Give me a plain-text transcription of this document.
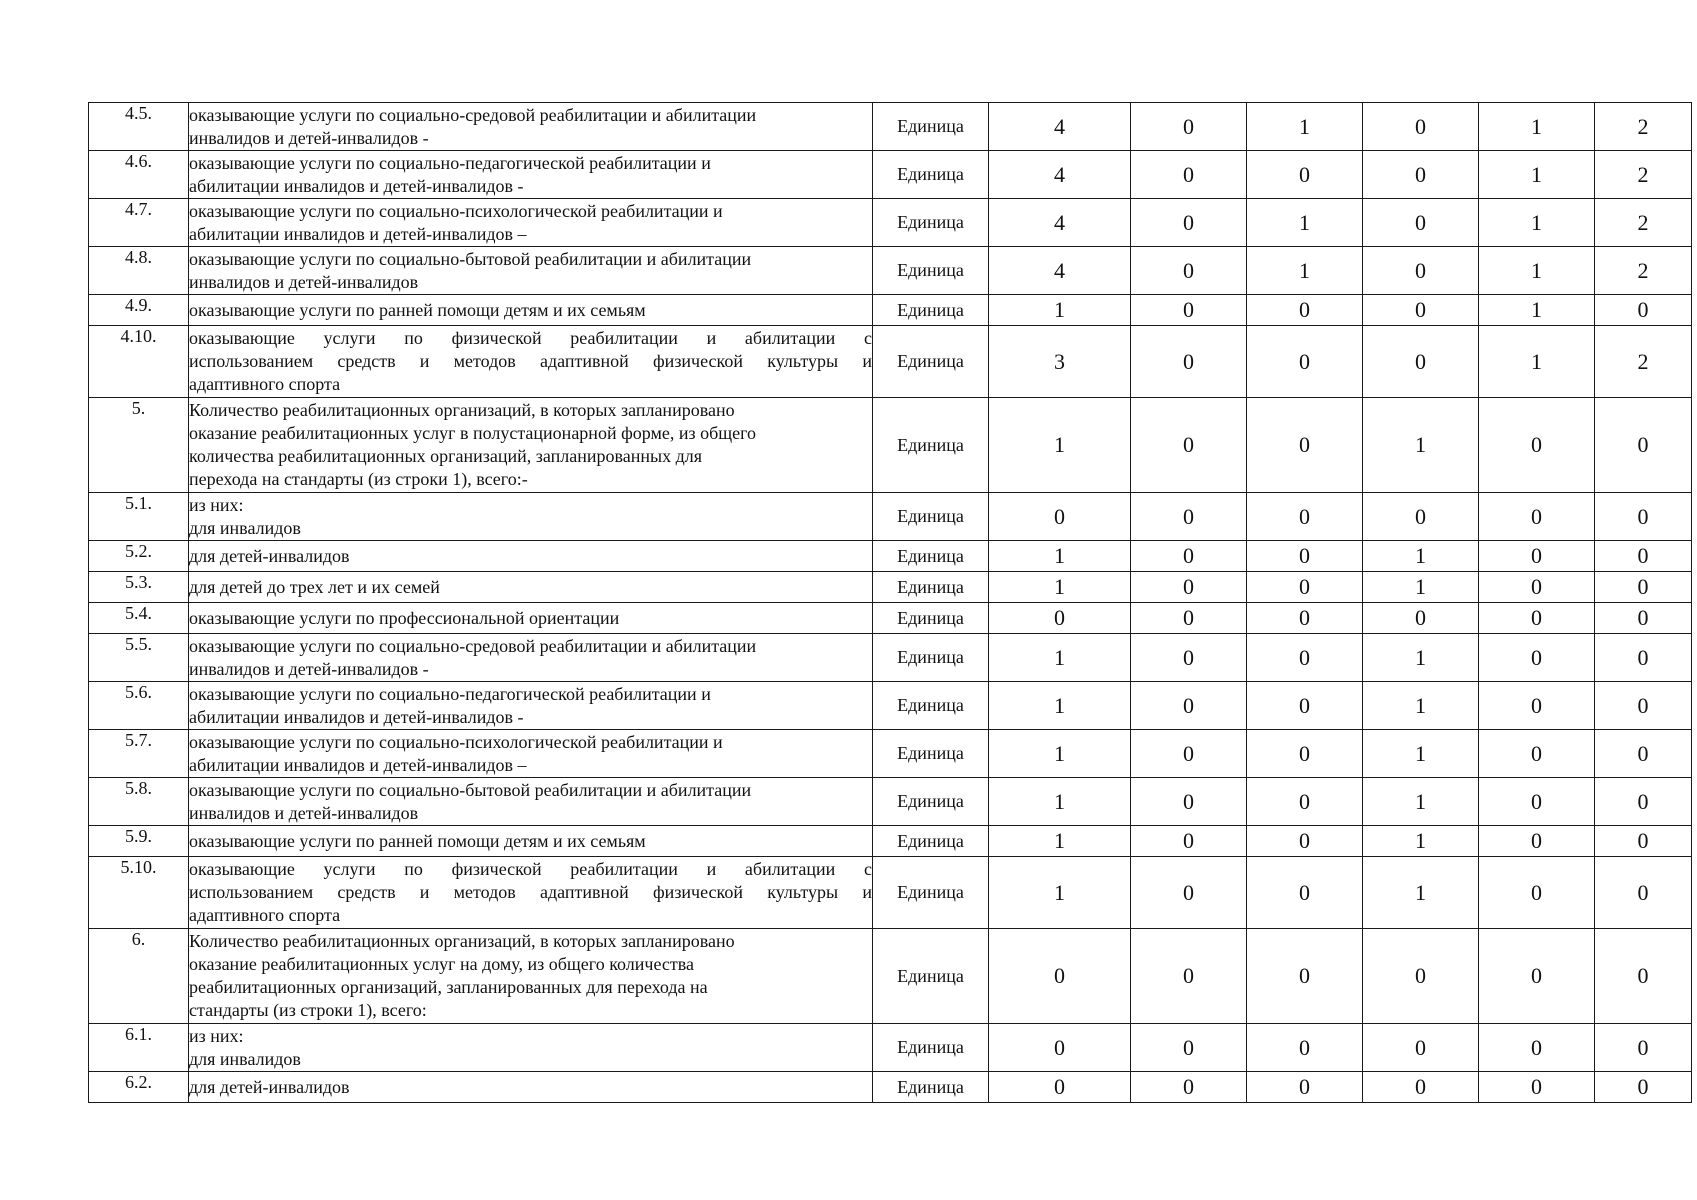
4.5.	оказывающие услуги по социально-средовой реабилитации и абилитации
инвалидов и детей-инвалидов -	Единица	4	0	1	0	1	2
4.6.	оказывающие услуги по социально-педагогической реабилитации и
абилитации инвалидов и детей-инвалидов -	Единица	4	0	0	0	1	2
4.7.	оказывающие услуги по социально-психологической реабилитации и
абилитации инвалидов и детей-инвалидов –	Единица	4	0	1	0	1	2
4.8.	оказывающие услуги по социально-бытовой реабилитации и абилитации
инвалидов и детей-инвалидов	Единица	4	0	1	0	1	2
4.9.	оказывающие услуги по ранней помощи детям и их семьям	Единица	1	0	0	0	1	0
4.10.	оказывающие услуги по физической реабилитации и абилитации с
использованием средств и методов адаптивной физической культуры и
адаптивного спорта	Единица	3	0	0	0	1	2
5.	Количество реабилитационных организаций, в которых запланировано
оказание реабилитационных услуг в полустационарной форме, из общего
количества реабилитационных организаций, запланированных для
перехода на стандарты (из строки 1), всего:-	Единица	1	0	0	1	0	0
5.1.	из них:
для инвалидов	Единица	0	0	0	0	0	0
5.2.	для детей-инвалидов	Единица	1	0	0	1	0	0
5.3.	для детей до трех лет и их семей	Единица	1	0	0	1	0	0
5.4.	оказывающие услуги по профессиональной ориентации	Единица	0	0	0	0	0	0
5.5.	оказывающие услуги по социально-средовой реабилитации и абилитации
инвалидов и детей-инвалидов -	Единица	1	0	0	1	0	0
5.6.	оказывающие услуги по социально-педагогической реабилитации и
абилитации инвалидов и детей-инвалидов -	Единица	1	0	0	1	0	0
5.7.	оказывающие услуги по социально-психологической реабилитации и
абилитации инвалидов и детей-инвалидов –	Единица	1	0	0	1	0	0
5.8.	оказывающие услуги по социально-бытовой реабилитации и абилитации
инвалидов и детей-инвалидов	Единица	1	0	0	1	0	0
5.9.	оказывающие услуги по ранней помощи детям и их семьям	Единица	1	0	0	1	0	0
5.10.	оказывающие услуги по физической реабилитации и абилитации с
использованием средств и методов адаптивной физической культуры и
адаптивного спорта	Единица	1	0	0	1	0	0
6.	Количество реабилитационных организаций, в которых запланировано
оказание реабилитационных услуг на дому, из общего количества
реабилитационных организаций, запланированных для перехода на
стандарты (из строки 1), всего:	Единица	0	0	0	0	0	0
6.1.	из них:
для инвалидов	Единица	0	0	0	0	0	0
6.2.	для детей-инвалидов	Единица	0	0	0	0	0	0
